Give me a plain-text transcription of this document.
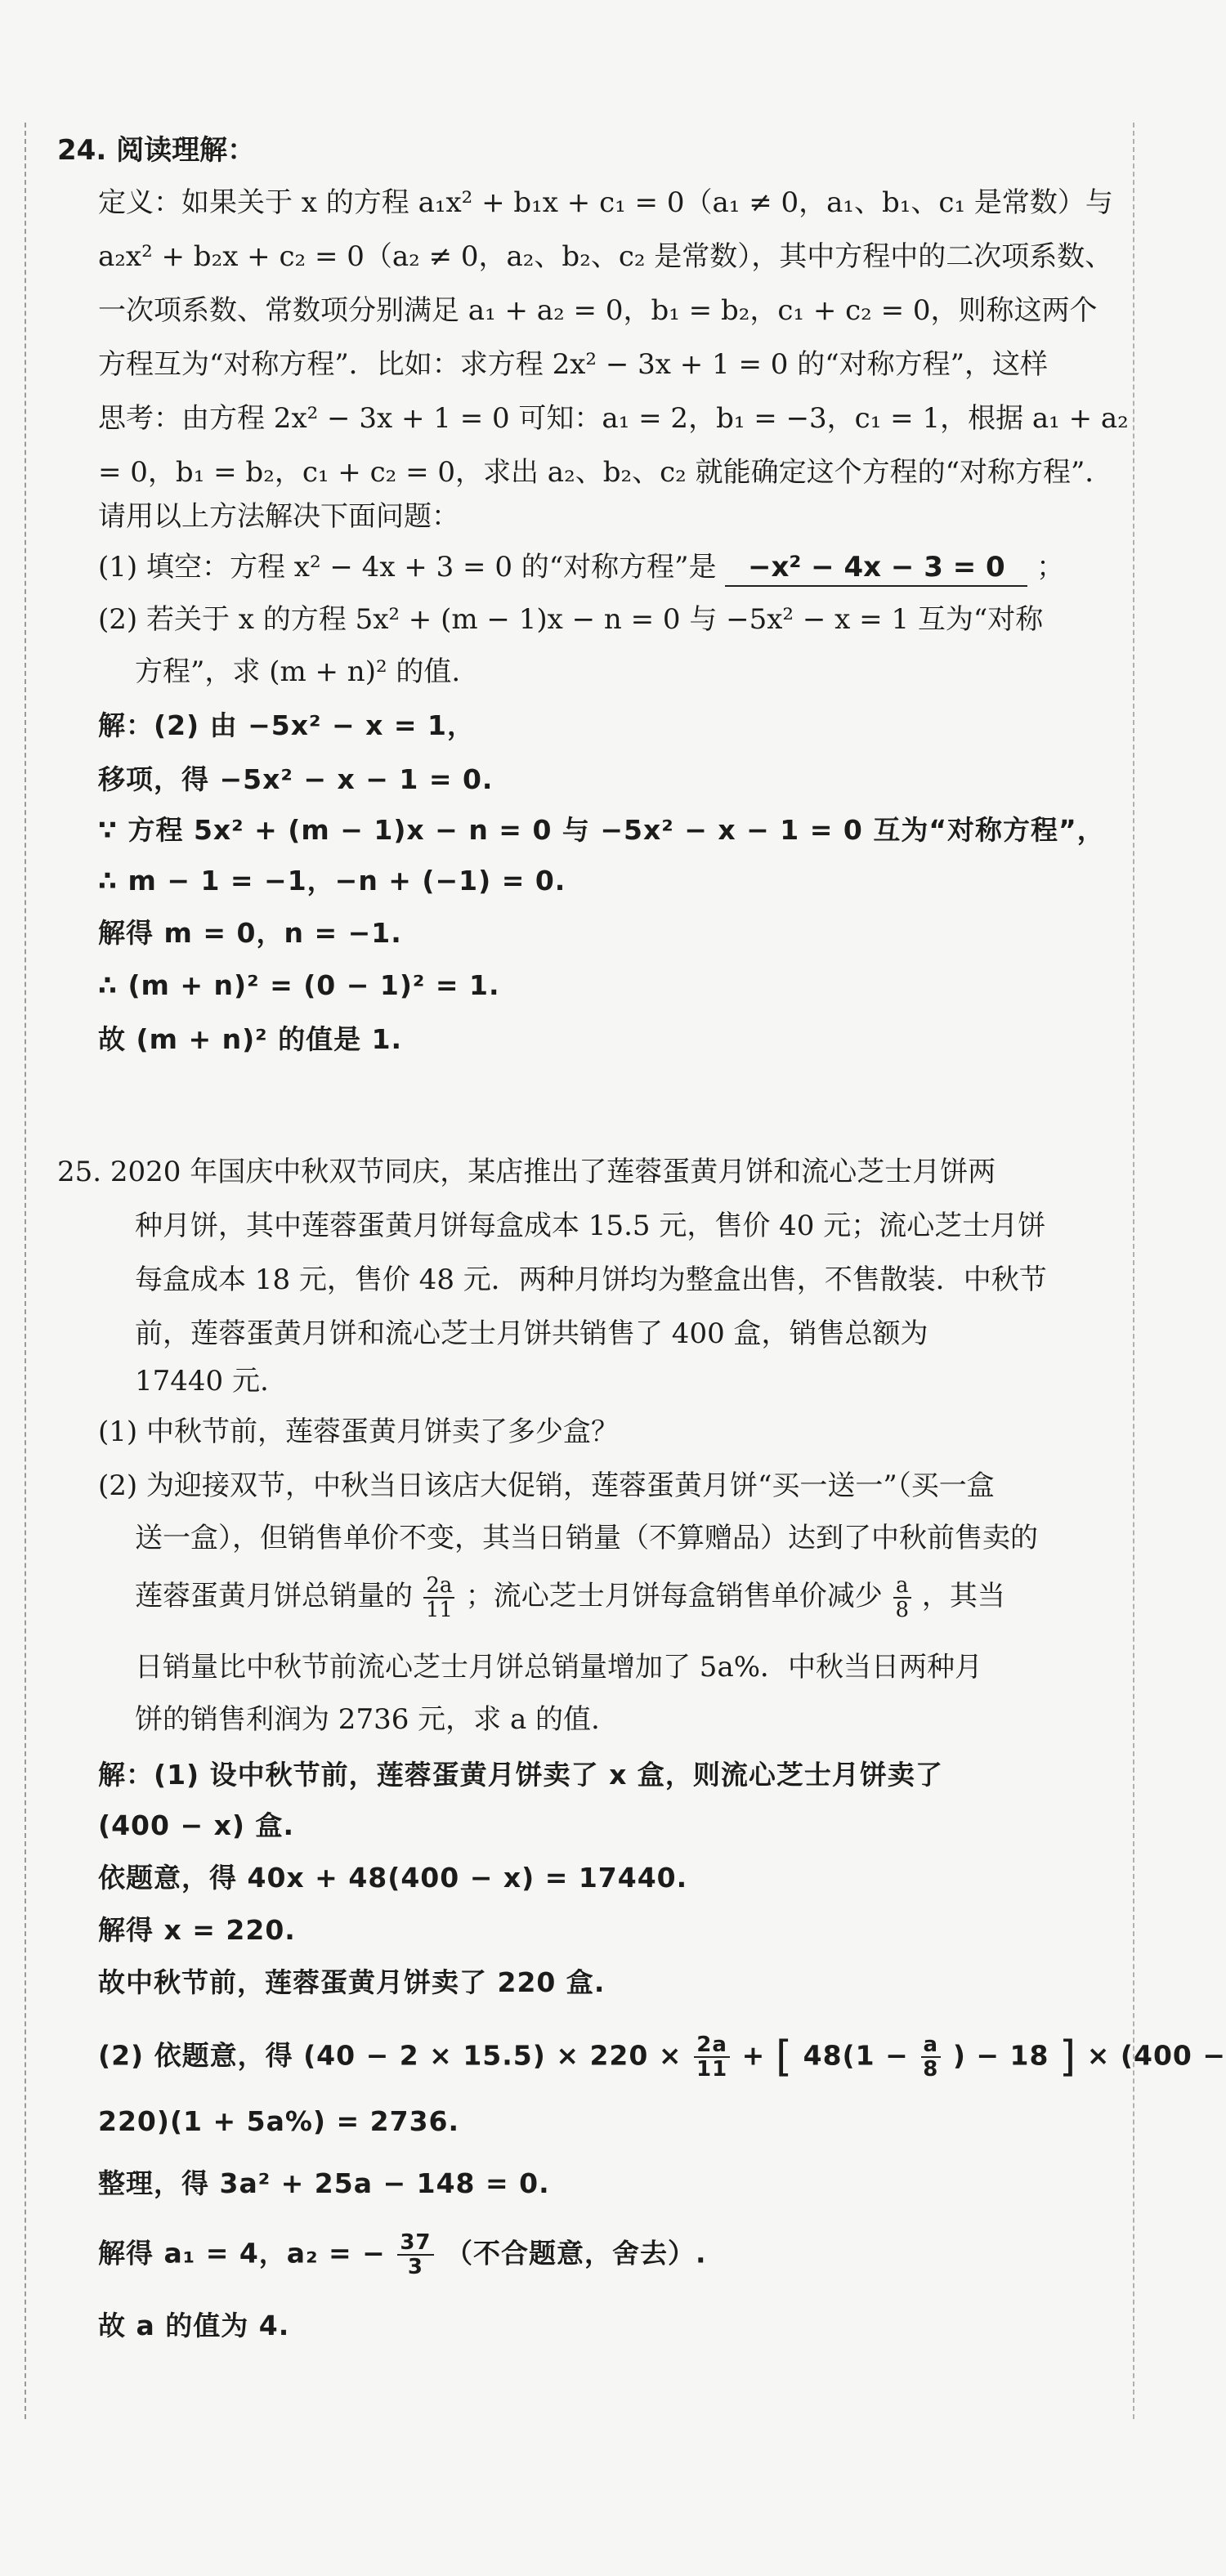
24. 阅读理解：
定义：如果关于 x 的方程 a₁x² + b₁x + c₁ = 0（a₁ ≠ 0，a₁、b₁、c₁ 是常数）与
a₂x² + b₂x + c₂ = 0（a₂ ≠ 0，a₂、b₂、c₂ 是常数），其中方程中的二次项系数、
一次项系数、常数项分别满足 a₁ + a₂ = 0，b₁ = b₂，c₁ + c₂ = 0，则称这两个
方程互为“对称方程”．比如：求方程 2x² − 3x + 1 = 0 的“对称方程”，这样
思考：由方程 2x² − 3x + 1 = 0 可知：a₁ = 2，b₁ = −3，c₁ = 1，根据 a₁ + a₂
= 0，b₁ = b₂，c₁ + c₂ = 0，求出 a₂、b₂、c₂ 就能确定这个方程的“对称方程”．
请用以上方法解决下面问题：
(1) 填空：方程 x² − 4x + 3 = 0 的“对称方程”是 −x² − 4x − 3 = 0 ；
(2) 若关于 x 的方程 5x² + (m − 1)x − n = 0 与 −5x² − x = 1 互为“对称
方程”，求 (m + n)² 的值.
解：(2) 由 −5x² − x = 1，
移项，得 −5x² − x − 1 = 0.
∵ 方程 5x² + (m − 1)x − n = 0 与 −5x² − x − 1 = 0 互为“对称方程”，
∴ m − 1 = −1，−n + (−1) = 0.
解得 m = 0，n = −1.
∴ (m + n)² = (0 − 1)² = 1.
故 (m + n)² 的值是 1.
25. 2020 年国庆中秋双节同庆，某店推出了莲蓉蛋黄月饼和流心芝士月饼两
种月饼，其中莲蓉蛋黄月饼每盒成本 15.5 元，售价 40 元；流心芝士月饼
每盒成本 18 元，售价 48 元．两种月饼均为整盒出售，不售散装．中秋节
前，莲蓉蛋黄月饼和流心芝士月饼共销售了 400 盒，销售总额为
17440 元.
(1) 中秋节前，莲蓉蛋黄月饼卖了多少盒？
(2) 为迎接双节，中秋当日该店大促销，莲蓉蛋黄月饼“买一送一”（买一盒
送一盒），但销售单价不变，其当日销量（不算赠品）达到了中秋前售卖的
莲蓉蛋黄月饼总销量的 $\frac{2a}{11}$ ；流心芝士月饼每盒销售单价减少 $\frac{a}{8}$ ，其当
日销量比中秋节前流心芝士月饼总销量增加了 5a%．中秋当日两种月
饼的销售利润为 2736 元，求 a 的值.
解：(1) 设中秋节前，莲蓉蛋黄月饼卖了 x 盒，则流心芝士月饼卖了
(400 − x) 盒.
依题意，得 40x + 48(400 − x) = 17440.
解得 x = 220.
故中秋节前，莲蓉蛋黄月饼卖了 220 盒.
(2) 依题意，得 $(40 - 2 \times 15.5) \times 220 \times \frac{2a}{11}$ + [ $48(1 - \frac{a}{8}$ ) − 18 ] × (400 −
220)(1 + 5a%) = 2736.
整理，得 3a² + 25a − 148 = 0.
解得 a₁ = 4，a₂ = − $\frac{37}{3}$ （不合题意，舍去）.
故 a 的值为 4.
